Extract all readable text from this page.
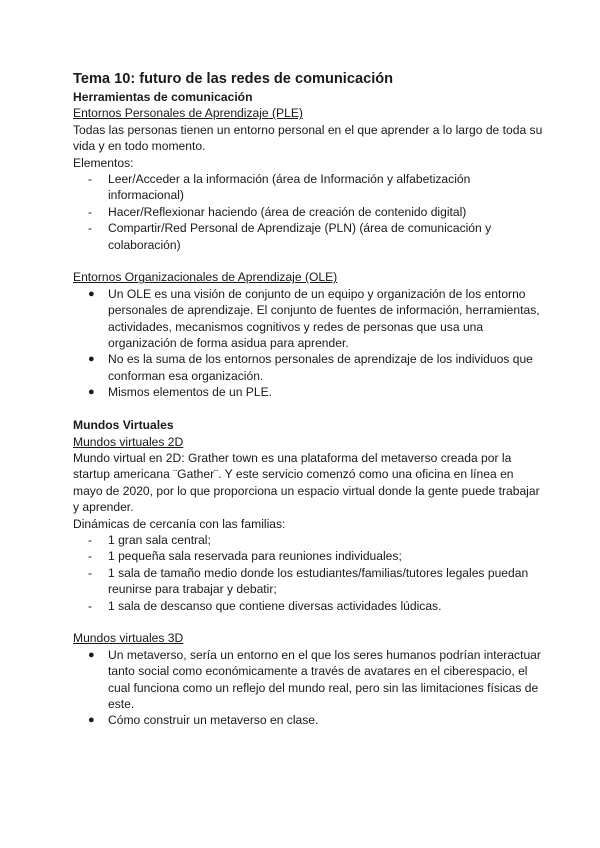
Tema 10: futuro de las redes de comunicación
Herramientas de comunicación

Entornos Personales de Aprendizaje (PLE)

Todas las personas tienen un entorno personal en el que aprender a lo largo de toda su vida y en todo momento.

Elementos:

- Leer/Acceder a la información (área de Información y alfabetización informacional)
- Hacer/Reflexionar haciendo (área de creación de contenido digital)
- Compartir/Red Personal de Aprendizaje (PLN) (área de comunicación y colaboración)

Entornos Organizacionales de Aprendizaje (OLE)

● Un OLE es una visión de conjunto de un equipo y organización de los entorno personales de aprendizaje. El conjunto de fuentes de información, herramientas, actividades, mecanismos cognitivos y redes de personas que usa una organización de forma asidua para aprender.
● No es la suma de los entornos personales de aprendizaje de los individuos que conforman esa organización.
● Mismos elementos de un PLE.
Mundos Virtuales

Mundos virtuales 2D

Mundo virtual en 2D: Grather town es una plataforma del metaverso creada por la startup americana ¨Gather¨. Y este servicio comenzó como una oficina en línea en mayo de 2020, por lo que proporciona un espacio virtual donde la gente puede trabajar y aprender.

Dinámicas de cercanía con las familias:

- 1 gran sala central;
- 1 pequeña sala reservada para reuniones individuales;
- 1 sala de tamaño medio donde los estudiantes/familias/tutores legales puedan reunirse para trabajar y debatir;
- 1 sala de descanso que contiene diversas actividades lúdicas.

Mundos virtuales 3D

● Un metaverso, sería un entorno en el que los seres humanos podrían interactuar tanto social como económicamente a través de avatares en el ciberespacio, el cual funciona como un reflejo del mundo real, pero sin las limitaciones físicas de este.
● Cómo construir un metaverso en clase.
